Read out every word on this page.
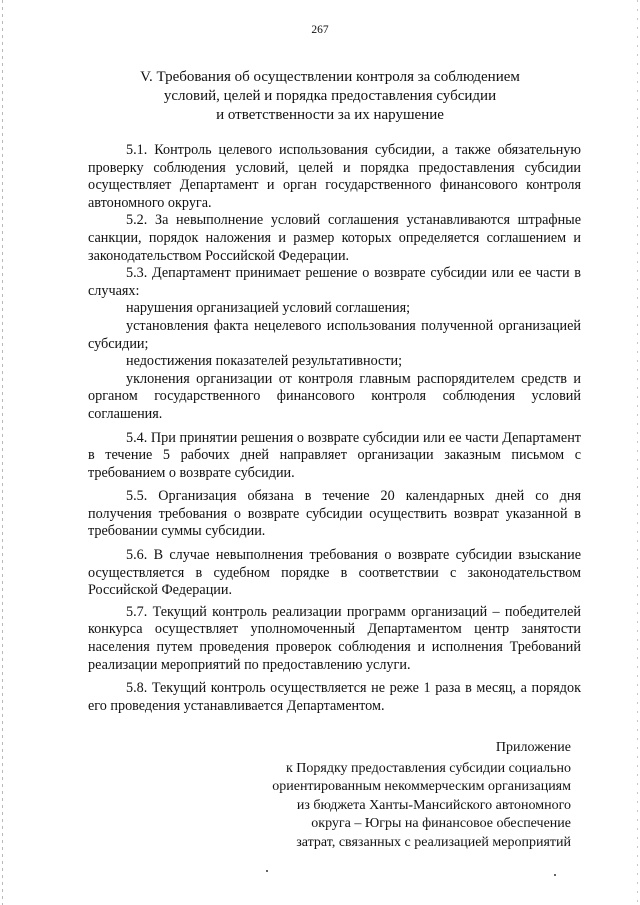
267
V. Требования об осуществлении контроля за соблюдением
условий, целей и порядка предоставления субсидии
и ответственности за их нарушение

5.1. Контроль целевого использования субсидии, а также обязательную проверку соблюдения условий, целей и порядка предоставления субсидии осуществляет Департамент и орган государственного финансового контроля автономного округа.

5.2. За невыполнение условий соглашения устанавливаются штрафные санкции, порядок наложения и размер которых определяется соглашением и законодательством Российской Федерации.

5.3. Департамент принимает решение о возврате субсидии или ее части в случаях:

нарушения организацией условий соглашения;

установления факта нецелевого использования полученной организацией субсидии;

недостижения показателей результативности;

уклонения организации от контроля главным распорядителем средств и органом государственного финансового контроля соблюдения условий соглашения.

5.4. При принятии решения о возврате субсидии или ее части Департамент в течение 5 рабочих дней направляет организации заказным письмом с требованием о возврате субсидии.

5.5. Организация обязана в течение 20 календарных дней со дня получения требования о возврате субсидии осуществить возврат указанной в требовании суммы субсидии.

5.6. В случае невыполнения требования о возврате субсидии взыскание осуществляется в судебном порядке в соответствии с законодательством Российской Федерации.

5.7. Текущий контроль реализации программ организаций – победителей конкурса осуществляет уполномоченный Департаментом центр занятости населения путем проведения проверок соблюдения и исполнения Требований реализации мероприятий по предоставлению услуги.

5.8. Текущий контроль осуществляется не реже 1 раза в месяц, а порядок его проведения устанавливается Департаментом.

Приложение
к Порядку предоставления субсидии социально
ориентированным некоммерческим организациям
из бюджета Ханты-Мансийского автономного
округа – Югры на финансовое обеспечение
затрат, связанных с реализацией мероприятий
